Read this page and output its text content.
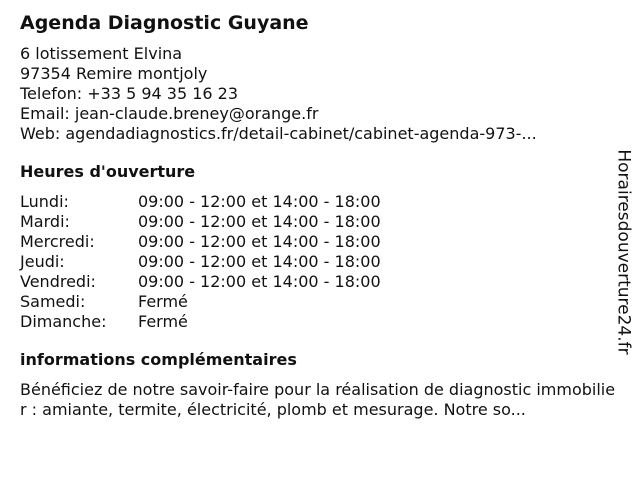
Agenda Diagnostic Guyane
6 lotissement Elvina
97354 Remire montjoly
Telefon: +33 5 94 35 16 23
Email: jean-claude.breney@orange.fr
Web: agendadiagnostics.fr/detail-cabinet/cabinet-agenda-973-...
Heures d'ouverture
Lundi:	09:00 - 12:00 et 14:00 - 18:00
Mardi:	09:00 - 12:00 et 14:00 - 18:00
Mercredi:	09:00 - 12:00 et 14:00 - 18:00
Jeudi:	09:00 - 12:00 et 14:00 - 18:00
Vendredi:	09:00 - 12:00 et 14:00 - 18:00
Samedi:	Fermé
Dimanche:	Fermé
informations complémentaires
Bénéficiez de notre savoir-faire pour la réalisation de diagnostic immobilier : amiante, termite, électricité, plomb et mesurage. Notre so...
Horairesdouverture24.fr
